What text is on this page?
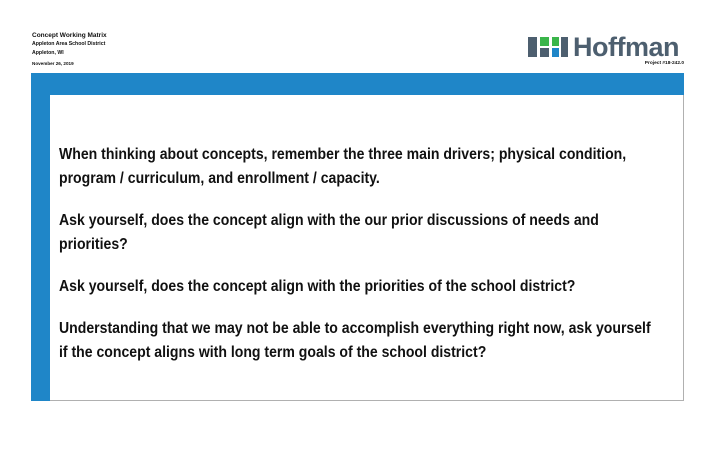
Concept Working Matrix
Appleton Area School District
Appleton, WI
November 26, 2019
Hoffman
Project #18-242.0

When thinking about concepts, remember the three main drivers; physical condition, program / curriculum, and enrollment / capacity.

Ask yourself, does the concept align with the our prior discussions of needs and priorities?

Ask yourself, does the concept align with the priorities of the school district?

Understanding that we may not be able to accomplish everything right now, ask yourself if the concept aligns with long term goals of the school district?
